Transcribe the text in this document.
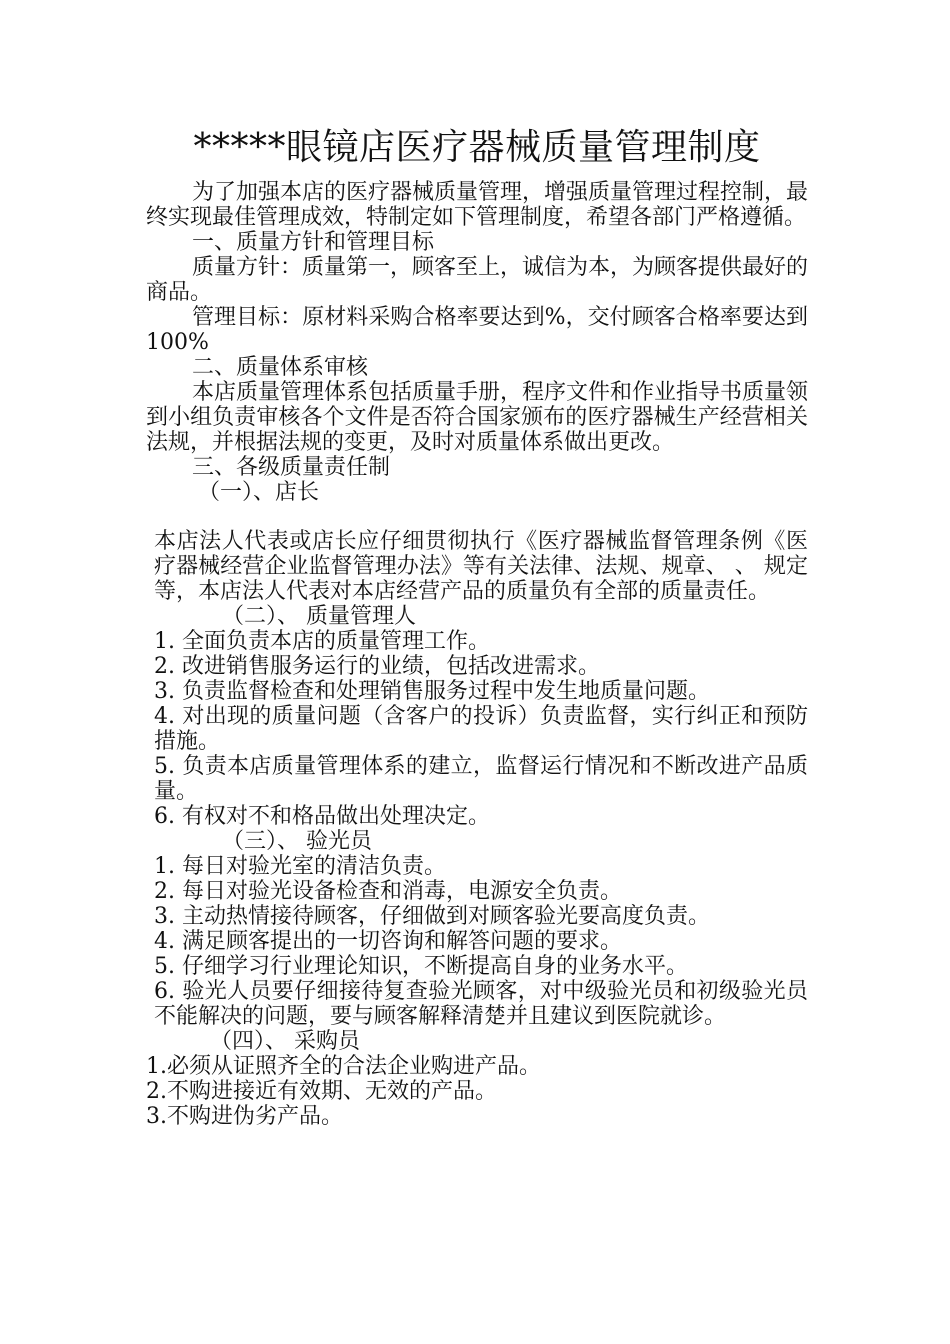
*****眼镜店医疗器械质量管理制度

为了加强本店的医疗器械质量管理，增强质量管理过程控制，最终实现最佳管理成效，特制定如下管理制度，希望各部门严格遵循。

一、质量方针和管理目标

质量方针：质量第一，顾客至上，诚信为本，为顾客提供最好的商品。

管理目标：原材料采购合格率要达到%，交付顾客合格率要达到 100%

二、质量体系审核

本店质量管理体系包括质量手册，程序文件和作业指导书质量领到小组负责审核各个文件是否符合国家颁布的医疗器械生产经营相关法规，并根据法规的变更，及时对质量体系做出更改。

三、各级质量责任制

（一）、店长

本店法人代表或店长应仔细贯彻执行《医疗器械监督管理条例《医疗器械经营企业监督管理办法》等有关法律、法规、规章、 、 规定等，本店法人代表对本店经营产品的质量负有全部的质量责任。

（二）、 质量管理人

1. 全面负责本店的质量管理工作。

2. 改进销售服务运行的业绩，包括改进需求。

3. 负责监督检查和处理销售服务过程中发生地质量问题。

4. 对出现的质量问题（含客户的投诉）负责监督，实行纠正和预防 措施。

5. 负责本店质量管理体系的建立，监督运行情况和不断改进产品质 量。

6. 有权对不和格品做出处理决定。

（三）、 验光员

1. 每日对验光室的清洁负责。

2. 每日对验光设备检查和消毒，电源安全负责。

3. 主动热情接待顾客，仔细做到对顾客验光要高度负责。

4. 满足顾客提出的一切咨询和解答问题的要求。

5. 仔细学习行业理论知识，不断提高自身的业务水平。

6. 验光人员要仔细接待复查验光顾客，对中级验光员和初级验光员 不能解决的问题，要与顾客解释清楚并且建议到医院就诊。

（四）、 采购员

1.必须从证照齐全的合法企业购进产品。

2.不购进接近有效期、无效的产品。

3.不购进伪劣产品。
